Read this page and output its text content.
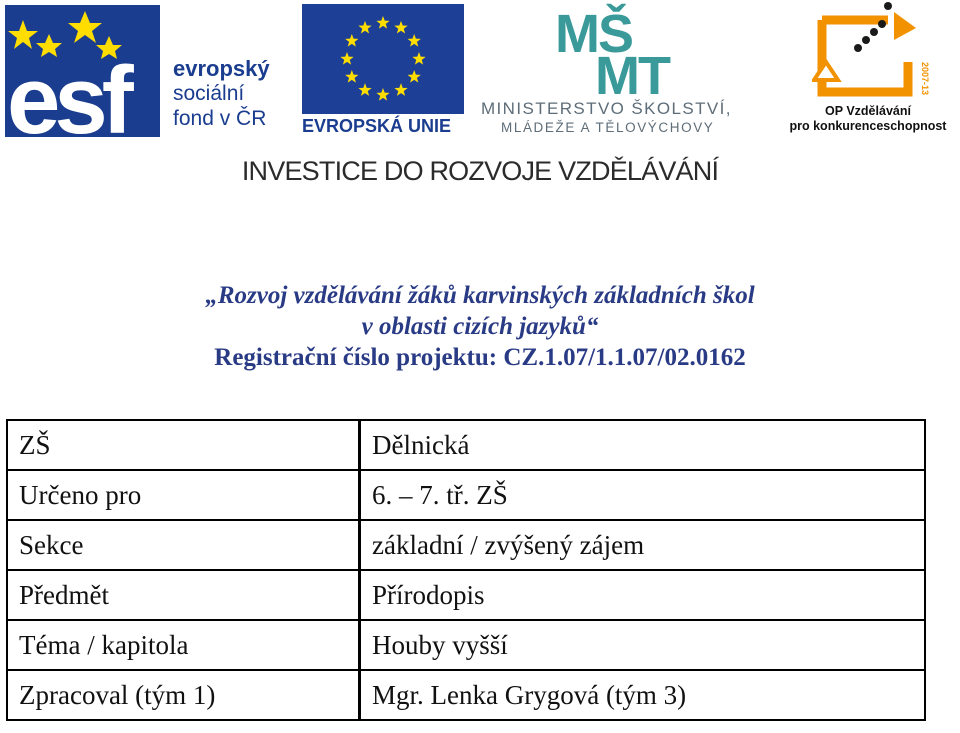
esf	evropský
sociální
fond v ČR EVROPSKÁ UNIE
MŠ
MT
MINISTERSTVO ŠKOLSTVÍ,
MLÁDEŽE A TĚLOVÝCHOVY
2007-13
OP Vzdělávání
pro konkurenceschopnost
INVESTICE DO ROZVOJE VZDĚLÁVÁNÍ
„Rozvoj vzdělávání žáků karvinských základních škol
v oblasti cizích jazyků“
Registrační číslo projektu: CZ.1.07/1.1.07/02.0162
ZŠ	Dělnická
Určeno pro	6. – 7. tř. ZŠ
Sekce	základní / zvýšený zájem
Předmět	Přírodopis
Téma / kapitola	Houby vyšší
Zpracoval (tým 1)	Mgr. Lenka Grygová (tým 3)
